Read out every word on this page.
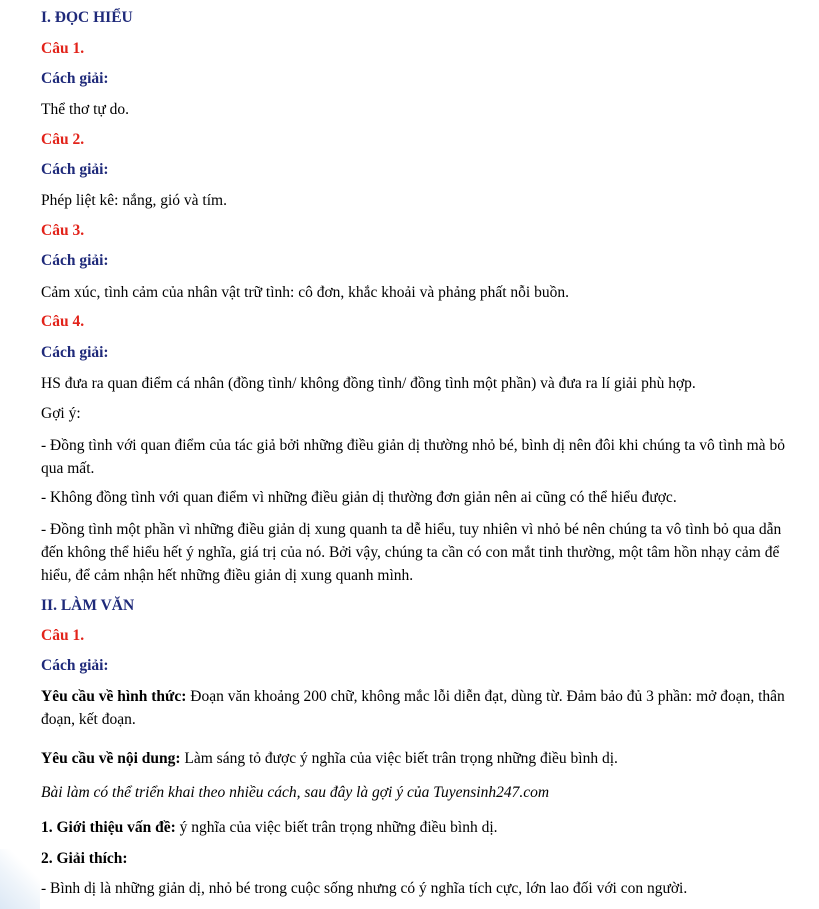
I. ĐỌC HIỂU

Câu 1.

Cách giải:

Thể thơ tự do.

Câu 2.

Cách giải:

Phép liệt kê: nắng, gió và tím.

Câu 3.

Cách giải:

Cảm xúc, tình cảm của nhân vật trữ tình: cô đơn, khắc khoải và phảng phất nỗi buồn.

Câu 4.

Cách giải:

HS đưa ra quan điểm cá nhân (đồng tình/ không đồng tình/ đồng tình một phần) và đưa ra lí giải phù hợp.

Gợi ý:

- Đồng tình với quan điểm của tác giả bởi những điều giản dị thường nhỏ bé, bình dị nên đôi khi chúng ta vô tình mà bỏ qua mất.

- Không đồng tình với quan điểm vì những điều giản dị thường đơn giản nên ai cũng có thể hiểu được.

- Đồng tình một phần vì những điều giản dị xung quanh ta dễ hiểu, tuy nhiên vì nhỏ bé nên chúng ta vô tình bỏ qua dẫn đến không thể hiểu hết ý nghĩa, giá trị của nó. Bởi vậy, chúng ta cần có con mắt tinh thường, một tâm hồn nhạy cảm để hiểu, để cảm nhận hết những điều giản dị xung quanh mình.

II. LÀM VĂN

Câu 1.

Cách giải:

Yêu cầu về hình thức: Đoạn văn khoảng 200 chữ, không mắc lỗi diễn đạt, dùng từ. Đảm bảo đủ 3 phần: mở đoạn, thân đoạn, kết đoạn.

Yêu cầu về nội dung: Làm sáng tỏ được ý nghĩa của việc biết trân trọng những điều bình dị.

Bài làm có thể triển khai theo nhiều cách, sau đây là gợi ý của Tuyensinh247.com

1. Giới thiệu vấn đề: ý nghĩa của việc biết trân trọng những điều bình dị.

2. Giải thích:

- Bình dị là những giản dị, nhỏ bé trong cuộc sống nhưng có ý nghĩa tích cực, lớn lao đối với con người.
